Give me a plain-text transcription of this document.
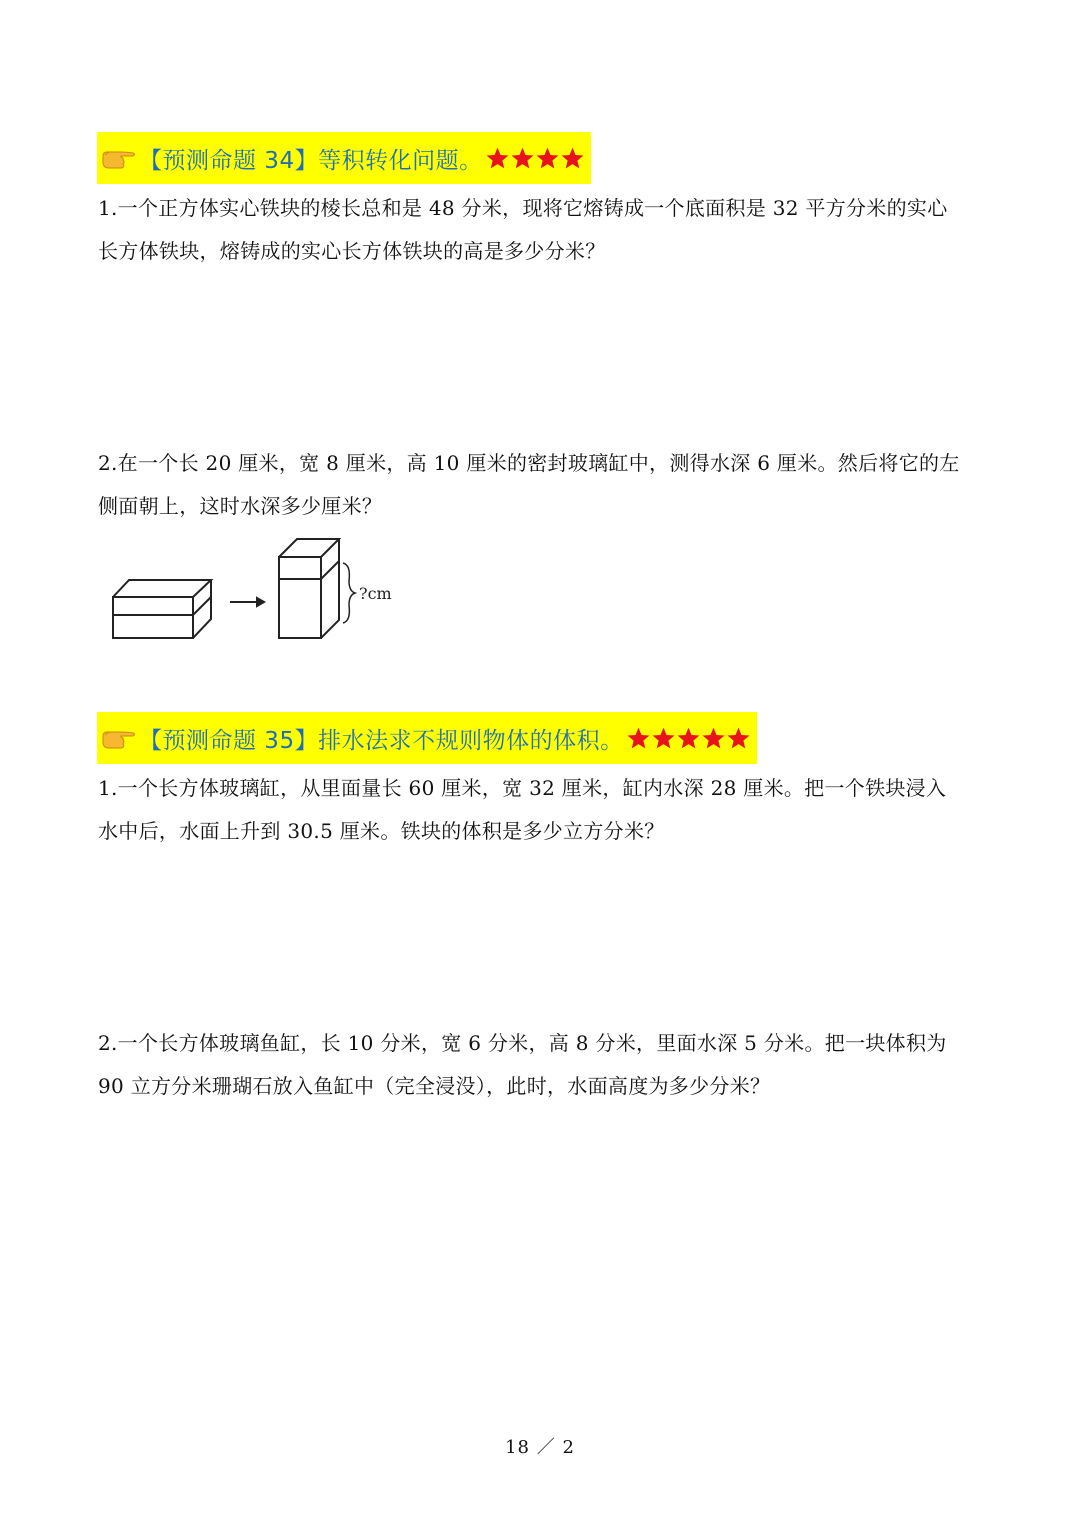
【预测命题 34】等积转化问题。
1.一个正方体实心铁块的棱长总和是 48 分米，现将它熔铸成一个底面积是 32 平方分米的实心
长方体铁块，熔铸成的实心长方体铁块的高是多少分米？
2.在一个长 20 厘米，宽 8 厘米，高 10 厘米的密封玻璃缸中，测得水深 6 厘米。然后将它的左
侧面朝上，这时水深多少厘米？
?cm
【预测命题 35】排水法求不规则物体的体积。
1.一个长方体玻璃缸，从里面量长 60 厘米，宽 32 厘米，缸内水深 28 厘米。把一个铁块浸入
水中后，水面上升到 30.5 厘米。铁块的体积是多少立方分米？
2.一个长方体玻璃鱼缸，长 10 分米，宽 6 分米，高 8 分米，里面水深 5 分米。把一块体积为
90 立方分米珊瑚石放入鱼缸中（完全浸没），此时，水面高度为多少分米？
18 ／ 2
